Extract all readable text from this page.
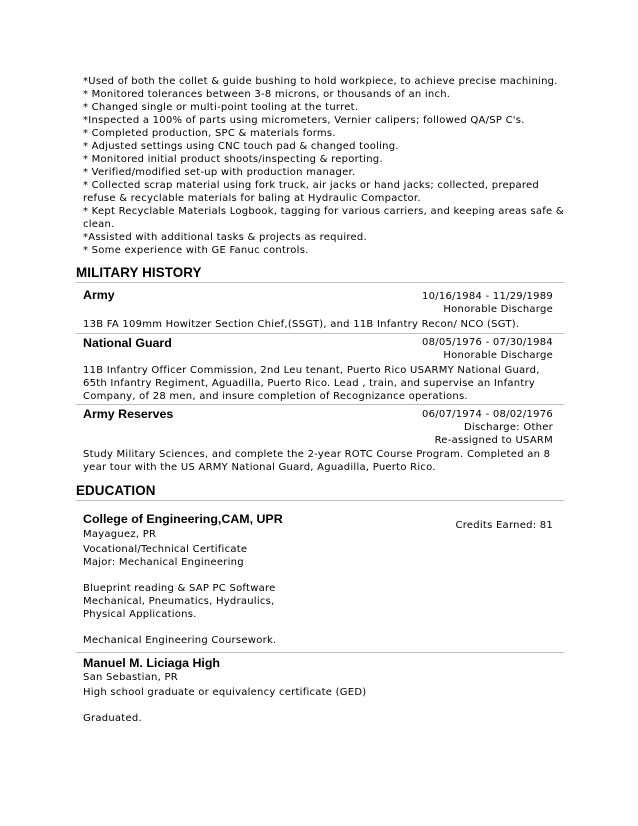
*Used of both the collet & guide bushing to hold workpiece, to achieve precise machining.

* Monitored tolerances between 3-8 microns, or thousands of an inch.

* Changed single or multi-point tooling at the turret.

*Inspected a 100% of parts using micrometers, Vernier calipers; followed QA/SP C's.

* Completed production, SPC & materials forms.

* Adjusted settings using CNC touch pad & changed tooling.

* Monitored initial product shoots/inspecting & reporting.

* Verified/modified set-up with production manager.

* Collected scrap material using fork truck, air jacks or hand jacks; collected, prepared

refuse & recyclable materials for baling at Hydraulic Compactor.

* Kept Recyclable Materials Logbook, tagging for various carriers, and keeping areas safe &

clean.

*Assisted with additional tasks & projects as required.

* Some experience with GE Fanuc controls.

MILITARY HISTORY
Army	10/16/1984 - 11/29/1989

Honorable Discharge

13B FA 109mm Howitzer Section Chief,(SSGT), and 11B Infantry Recon/ NCO (SGT).

National Guard	08/05/1976 - 07/30/1984

Honorable Discharge

11B Infantry Officer Commission, 2nd Leu tenant, Puerto Rico USARMY National Guard,

65th Infantry Regiment, Aguadilla, Puerto Rico. Lead , train, and supervise an Infantry

Company, of 28 men, and insure completion of Recognizance operations.

Army Reserves	06/07/1974 - 08/02/1976

Discharge: Other

Re-assigned to USARM

Study Military Sciences, and complete the 2-year ROTC Course Program. Completed an 8

year tour with the US ARMY National Guard, Aguadilla, Puerto Rico.

EDUCATION
College of Engineering,CAM, UPR	Credits Earned: 81

Mayaguez, PR

Vocational/Technical Certificate

Major: Mechanical Engineering

Blueprint reading & SAP PC Software

Mechanical, Pneumatics, Hydraulics,

Physical Applications.

Mechanical Engineering Coursework.

Manuel M. Liciaga High

San Sebastian, PR

High school graduate or equivalency certificate (GED)

Graduated.
